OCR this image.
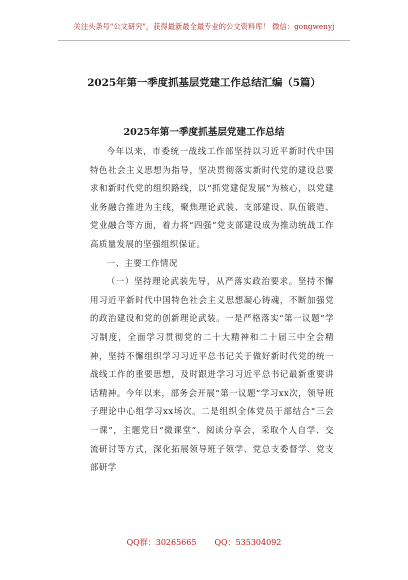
关注头条号"公文研究"，获得最新最全最专业的公文资料库！ 微信：gongwenyj
2025年第一季度抓基层党建工作总结汇编（5篇）
2025年第一季度抓基层党建工作总结

今年以来，市委统一战线工作部坚持以习近平新时代中国特色社会主义思想为指导，坚决贯彻落实新时代党的建设总要求和新时代党的组织路线，以“抓党建促发展”为核心，以党建业务融合推进为主线，聚焦理论武装、支部建设、队伍锻造、党业融合等方面，着力将“四强”党支部建设成为推动统战工作高质量发展的坚强组织保证。

一、主要工作情况

（一）坚持理论武装先导，从严落实政治要求。坚持不懈用习近平新时代中国特色社会主义思想凝心铸魂，不断加强党的政治建设和党的创新理论武装。一是严格落实“第一议题”学习制度，全面学习贯彻党的二十大精神和二十届三中全会精神，坚持不懈组织学习习近平总书记关于做好新时代党的统一战线工作的重要思想，及时跟进学习习近平总书记最新重要讲话精神。今年以来，部务会开展“第一议题”学习xx次，领导班子理论中心组学习xx场次。二是组织全体党员干部结合“三会一课”，主题党日“微课堂”、阅读分享会，采取个人自学、交流研讨等方式，深化拓展领导班子领学、党总支委督学、党支部研学

QQ群：30265665 QQ：535304092
